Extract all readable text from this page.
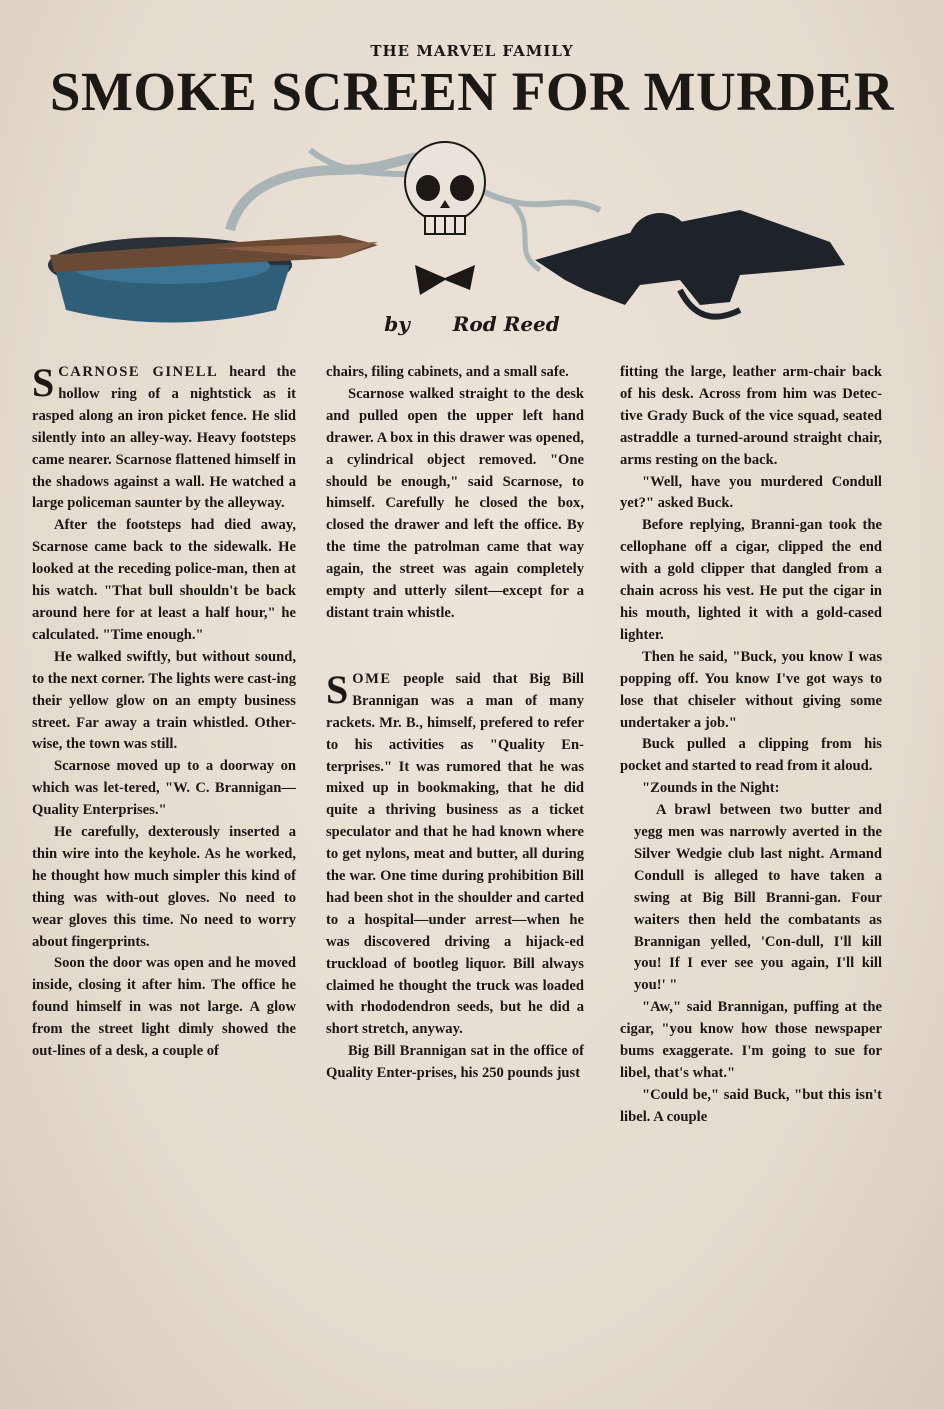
THE MARVEL FAMILY
SMOKE SCREEN FOR MURDER
by Rod Reed

SCARNOSE GINELL heard the hollow ring of a nightstick as it rasped along an iron picket fence. He slid silently into an alley-way. Heavy footsteps came nearer. Scarnose flattened himself in the shadows against a wall. He watched a large policeman saunter by the alleyway.

After the footsteps had died away, Scarnose came back to the sidewalk. He looked at the receding police-man, then at his watch. "That bull shouldn't be back around here for at least a half hour," he calculated. "Time enough."

He walked swiftly, but without sound, to the next corner. The lights were cast-ing their yellow glow on an empty business street. Far away a train whistled. Other-wise, the town was still.

Scarnose moved up to a doorway on which was let-tered, "W. C. Brannigan—Quality Enterprises."

He carefully, dexterously inserted a thin wire into the keyhole. As he worked, he thought how much simpler this kind of thing was with-out gloves. No need to wear gloves this time. No need to worry about fingerprints.

Soon the door was open and he moved inside, closing it after him. The office he found himself in was not large. A glow from the street light dimly showed the out-lines of a desk, a couple of

chairs, filing cabinets, and a small safe.

Scarnose walked straight to the desk and pulled open the upper left hand drawer. A box in this drawer was opened, a cylindrical object removed. "One should be enough," said Scarnose, to himself. Carefully he closed the box, closed the drawer and left the office. By the time the patrolman came that way again, the street was again completely empty and utterly silent—except for a distant train whistle.

SOME people said that Big Bill Brannigan was a man of many rackets. Mr. B., himself, prefered to refer to his activities as "Quality En-terprises." It was rumored that he was mixed up in bookmaking, that he did quite a thriving business as a ticket speculator and that he had known where to get nylons, meat and butter, all during the war. One time during prohibition Bill had been shot in the shoulder and carted to a hospital—under arrest—when he was discovered driving a hijack-ed truckload of bootleg liquor. Bill always claimed he thought the truck was loaded with rhododendron seeds, but he did a short stretch, anyway.

Big Bill Brannigan sat in the office of Quality Enter-prises, his 250 pounds just

fitting the large, leather arm-chair back of his desk. Across from him was Detec-tive Grady Buck of the vice squad, seated astraddle a turned-around straight chair, arms resting on the back.

"Well, have you murdered Condull yet?" asked Buck.

Before replying, Branni-gan took the cellophane off a cigar, clipped the end with a gold clipper that dangled from a chain across his vest. He put the cigar in his mouth, lighted it with a gold-cased lighter.

Then he said, "Buck, you know I was popping off. You know I've got ways to lose that chiseler without giving some undertaker a job."

Buck pulled a clipping from his pocket and started to read from it aloud.

"Zounds in the Night:

A brawl between two butter and yegg men was narrowly averted in the Silver Wedgie club last night. Armand Condull is alleged to have taken a swing at Big Bill Branni-gan. Four waiters then held the combatants as Brannigan yelled, 'Con-dull, I'll kill you! If I ever see you again, I'll kill you!' "

"Aw," said Brannigan, puffing at the cigar, "you know how those newspaper bums exaggerate. I'm going to sue for libel, that's what."

"Could be," said Buck, "but this isn't libel. A couple
